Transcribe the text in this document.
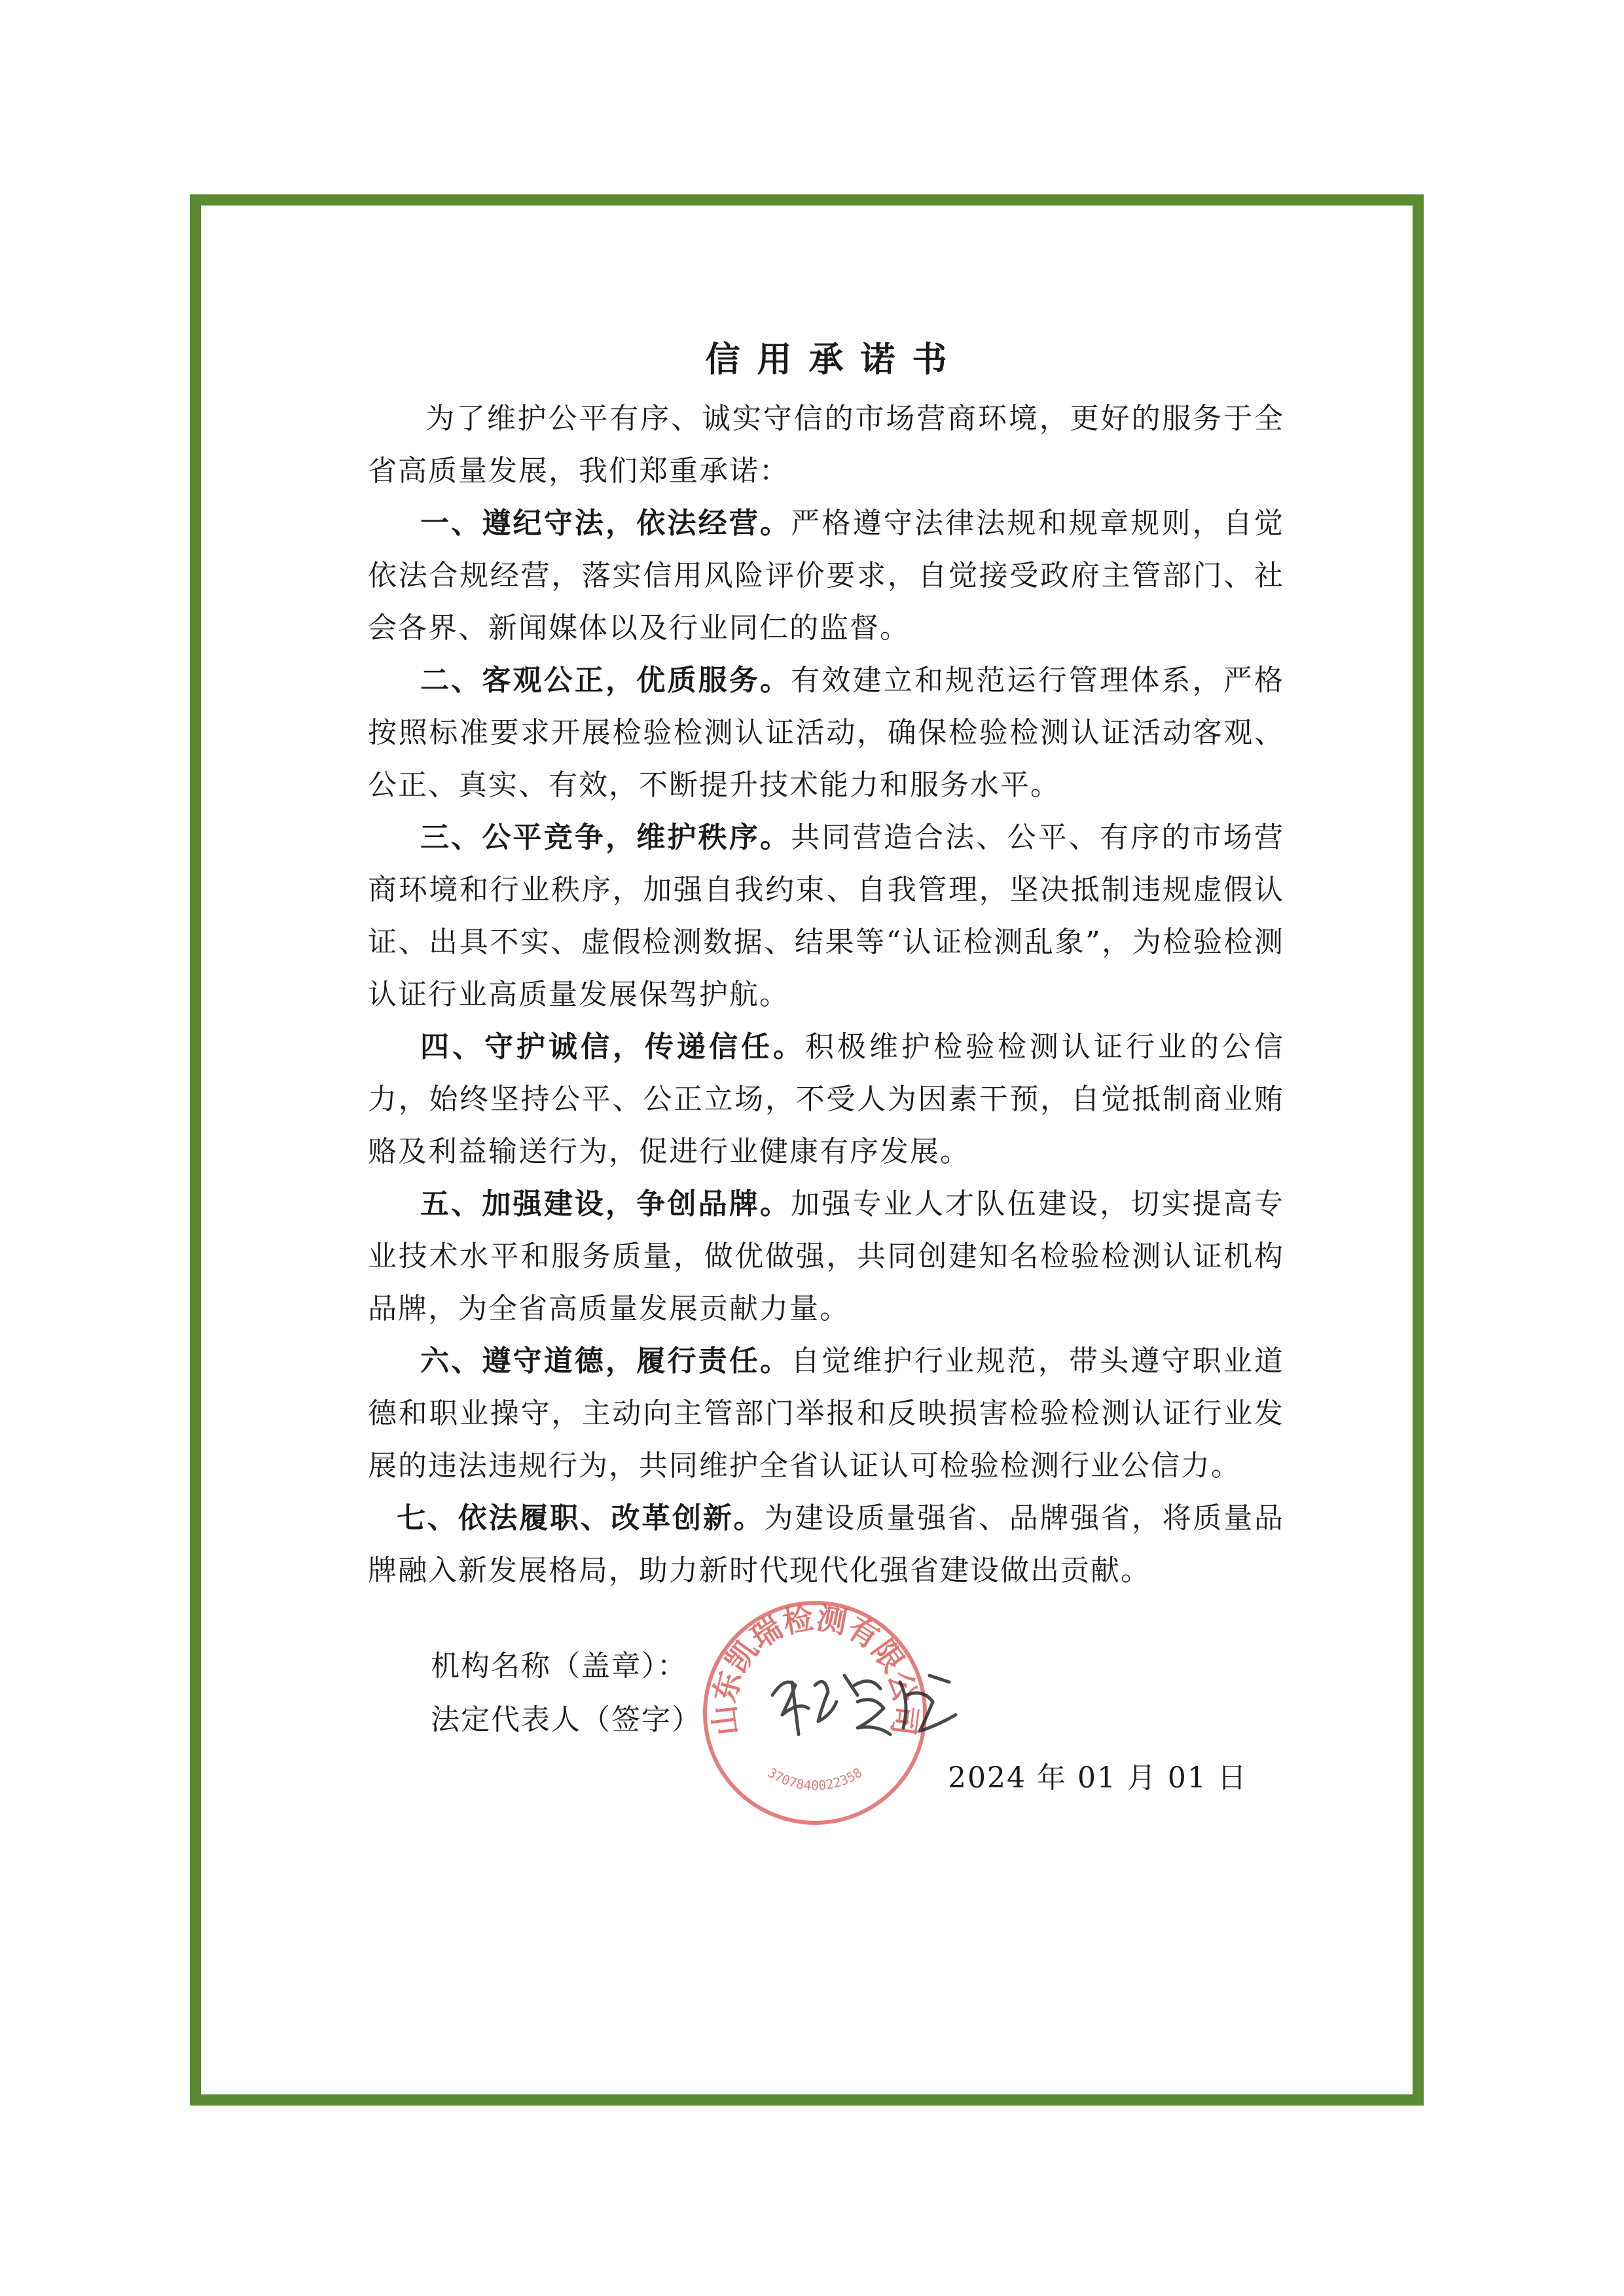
信用承诺书

为了维护公平有序、诚实守信的市场营商环境，更好的服务于全省高质量发展，我们郑重承诺：

一、遵纪守法，依法经营。严格遵守法律法规和规章规则，自觉依法合规经营，落实信用风险评价要求，自觉接受政府主管部门、社会各界、新闻媒体以及行业同仁的监督。

二、客观公正，优质服务。有效建立和规范运行管理体系，严格按照标准要求开展检验检测认证活动，确保检验检测认证活动客观、公正、真实、有效，不断提升技术能力和服务水平。

三、公平竞争，维护秩序。共同营造合法、公平、有序的市场营商环境和行业秩序，加强自我约束、自我管理，坚决抵制违规虚假认证、出具不实、虚假检测数据、结果等“认证检测乱象”，为检验检测认证行业高质量发展保驾护航。

四、守护诚信，传递信任。积极维护检验检测认证行业的公信力，始终坚持公平、公正立场，不受人为因素干预，自觉抵制商业贿赂及利益输送行为，促进行业健康有序发展。

五、加强建设，争创品牌。加强专业人才队伍建设，切实提高专业技术水平和服务质量，做优做强，共同创建知名检验检测认证机构品牌，为全省高质量发展贡献力量。

六、遵守道德，履行责任。自觉维护行业规范，带头遵守职业道德和职业操守，主动向主管部门举报和反映损害检验检测认证行业发展的违法违规行为，共同维护全省认证认可检验检测行业公信力。

七、依法履职、改革创新。为建设质量强省、品牌强省，将质量品牌融入新发展格局，助力新时代现代化强省建设做出贡献。

机构名称（盖章）：

法定代表人（签字）

2024 年 01 月 01 日
山东凯瑞检测有限公司
3707840022358
